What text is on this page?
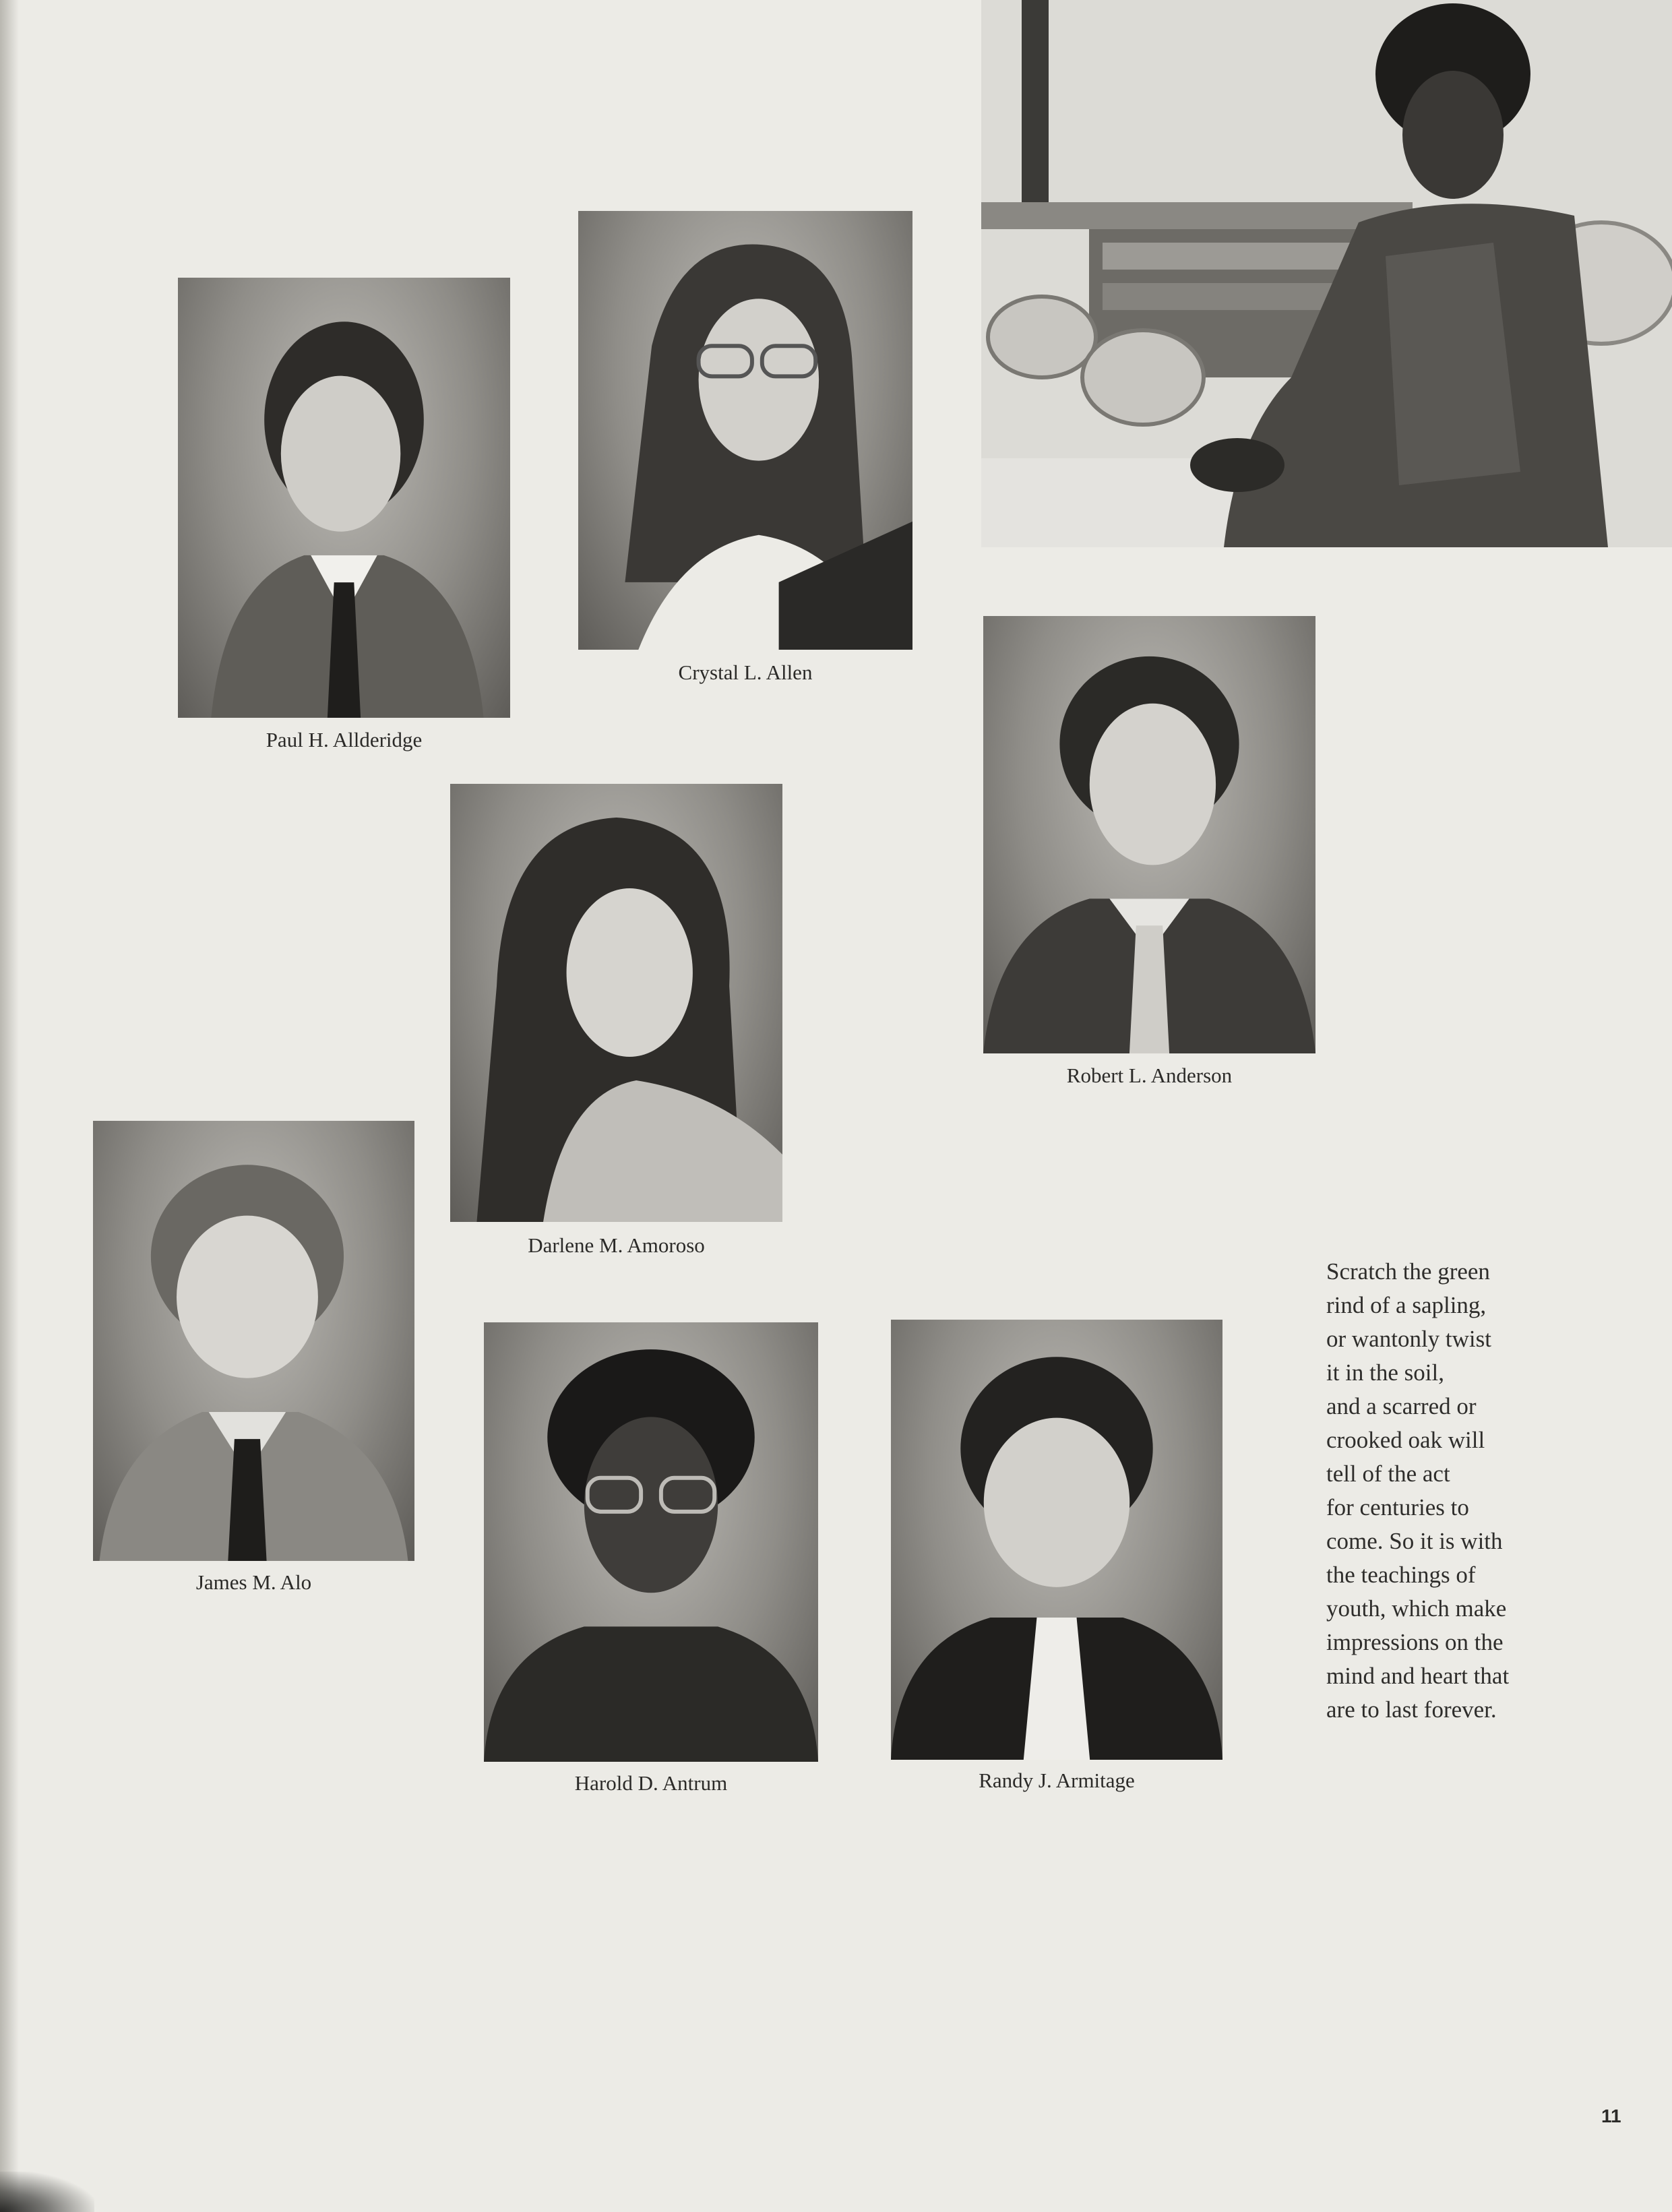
Paul H. Allderidge
Crystal L. Allen
Robert L. Anderson
Darlene M. Amoroso
James M. Alo
Harold D. Antrum	Randy J. Armitage
Scratch the green
rind of a sapling,
or wantonly twist
it in the soil,
and a scarred or
crooked oak will
tell of the act
for centuries to
come. So it is with
the teachings of
youth, which make
impressions on the
mind and heart that
are to last forever.
11
